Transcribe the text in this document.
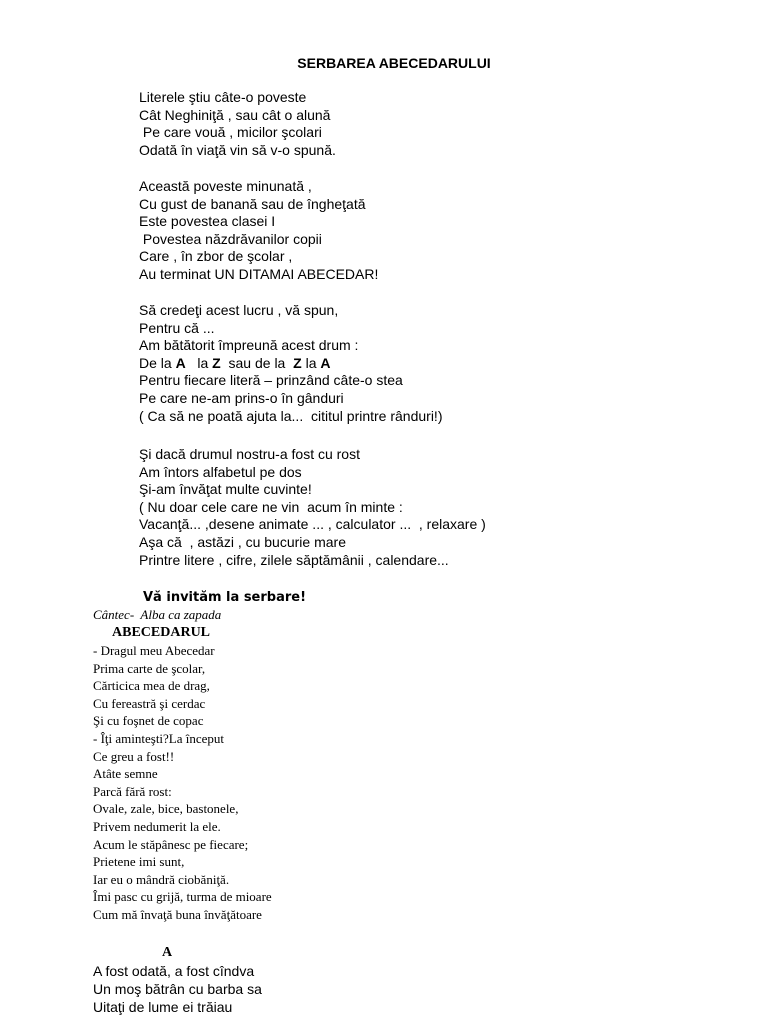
SERBAREA ABECEDARULUI
Literele ştiu câte-o poveste
Cât Neghiniţă , sau cât o alună
Pe care vouă , micilor şcolari
Odată în viaţă vin să v-o spună.
Această poveste minunată ,
Cu gust de banană sau de îngheţată
Este povestea clasei I
Povestea năzdrăvanilor copii
Care , în zbor de şcolar ,
Au terminat UN DITAMAI ABECEDAR!
Să credeţi acest lucru , vă spun,
Pentru că ...
Am bătătorit împreună acest drum :
De la A   la Z  sau de la  Z la A
Pentru fiecare literă – prinzând câte-o stea
Pe care ne-am prins-o în gânduri
( Ca să ne poată ajuta la...  cititul printre rânduri!)
Şi dacă drumul nostru-a fost cu rost
Am întors alfabetul pe dos
Şi-am învăţat multe cuvinte!
( Nu doar cele care ne vin  acum în minte :
Vacanţă... ,desene animate ... , calculator ...  , relaxare )
Aşa că  , astăzi , cu bucurie mare
Printre litere , cifre, zilele săptămânii , calendare...
Vă invităm la serbare!
Cântec-  Alba ca zapada
ABECEDARUL
- Dragul meu Abecedar
Prima carte de şcolar,
Cărticica mea de drag,
Cu fereastră şi cerdac
Şi cu foşnet de copac
- Îţi aminteşti?La început
Ce greu a fost!!
Atâte semne
Parcă fără rost:
Ovale, zale, bice, bastonele,
Privem nedumerit la ele.
Acum le stăpânesc pe fiecare;
Prietene imi sunt,
Iar eu o mândră ciobăniţă.
Îmi pasc cu grijă, turma de mioare
Cum mă învaţă buna învăţătoare
A
A fost odată, a fost cîndva
Un moş bătrân cu barba sa
Uitaţi de lume ei trăiau
